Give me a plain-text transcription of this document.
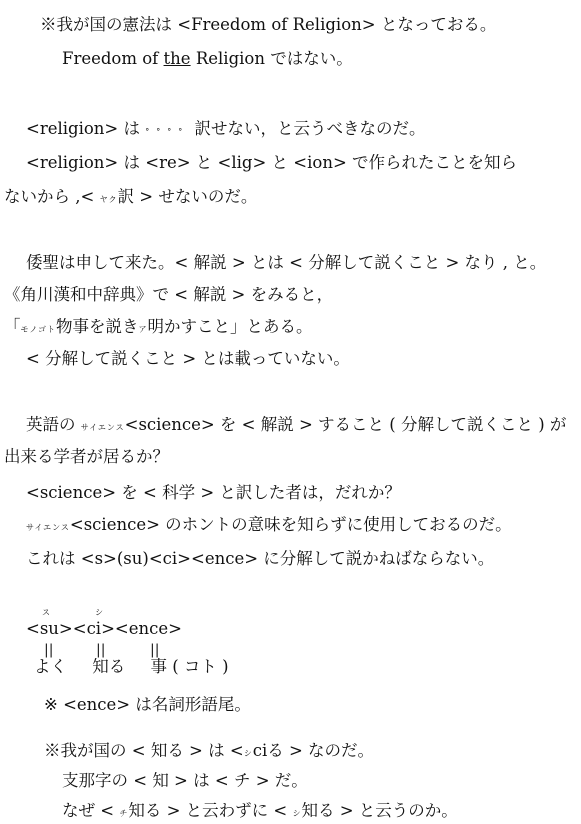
※我が国の憲法は <Freedom of Religion> となっておる。
Freedom of the Religion ではない。
<religion> は °°°° 訳せない，と云うべきなのだ。
<religion> は <re> と <lig> と <ion> で作られたことを知ら
ないから ,< ヤク訳 > せないのだ。
倭聖は申して来た。< 解説 > とは < 分解して説くこと > なり , と。
《角川漢和中辞典》で < 解説 > をみると，
「モノゴト物事を説きア明かすこと」とある。
< 分解して説くこと > とは載っていない。
英語の サイエンス<science> を < 解説 > すること ( 分解して説くこと ) が
出来る学者が居るか？
<science> を < 科学 > と訳した者は，だれか？
サイエンス<science> のホントの意味を知らずに使用しておるのだ。
これは <s>(su)<ci><ence> に分解して説かねばならない。
<su><ci><ence>
ス	シ
||	||	||
よく 知る 事 ( コト )
※ <ence> は名詞形語尾。
※我が国の < 知る > は <シciる > なのだ。
支那字の < 知 > は < チ > だ。
なぜ < チ知る > と云わずに < シ知る > と云うのか。
